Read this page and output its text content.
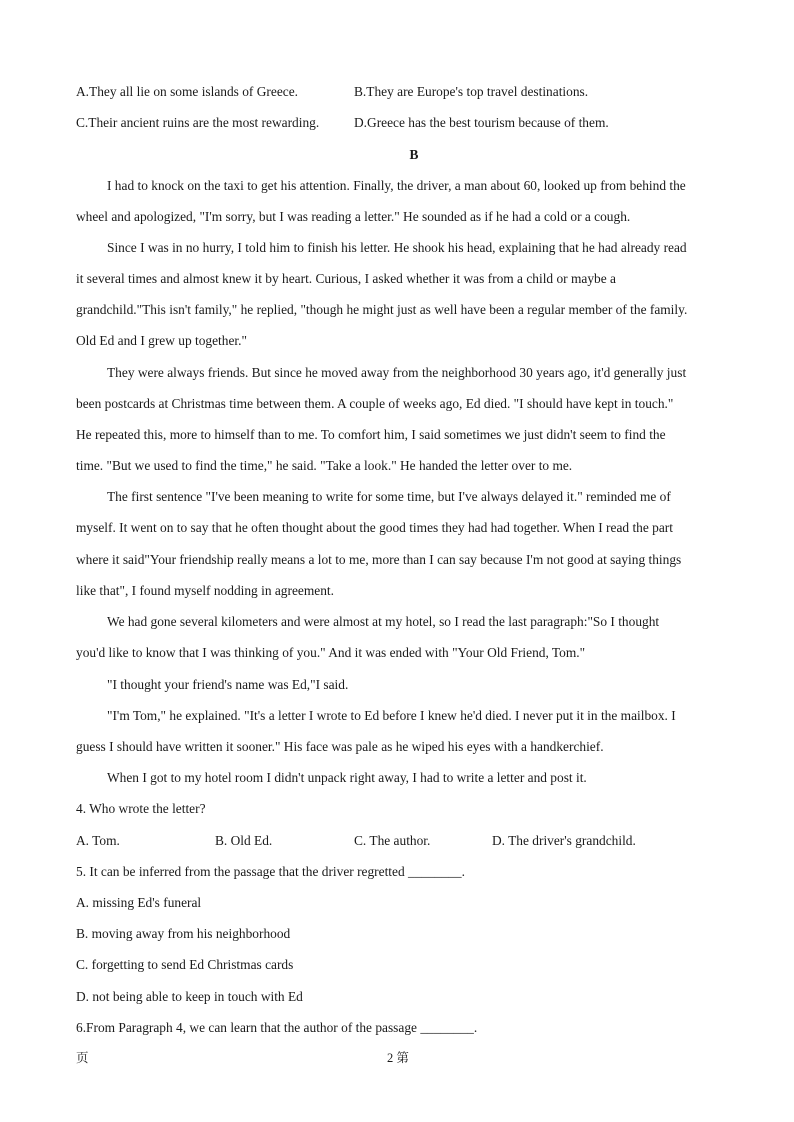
A.They all lie on some islands of Greece.	B.They are Europe's top travel destinations.
C.Their ancient ruins are the most rewarding.	D.Greece has the best tourism because of them.
B
I had to knock on the taxi to get his attention. Finally, the driver, a man about 60, looked up from behind the
wheel and apologized, "I'm sorry, but I was reading a letter." He sounded as if he had a cold or a cough.
Since I was in no hurry, I told him to finish his letter. He shook his head, explaining that he had already read
it several times and almost knew it by heart. Curious, I asked whether it was from a child or maybe a
grandchild."This isn't family," he replied, "though he might just as well have been a regular member of the family.
Old Ed and I grew up together."
They were always friends. But since he moved away from the neighborhood 30 years ago, it'd generally just
been postcards at Christmas time between them. A couple of weeks ago, Ed died. "I should have kept in touch."
He repeated this, more to himself than to me. To comfort him, I said sometimes we just didn't seem to find the
time. "But we used to find the time," he said. "Take a look." He handed the letter over to me.
The first sentence "I've been meaning to write for some time, but I've always delayed it." reminded me of
myself. It went on to say that he often thought about the good times they had had together. When I read the part
where it said"Your friendship really means a lot to me, more than I can say because I'm not good at saying things
like that", I found myself nodding in agreement.
We had gone several kilometers and were almost at my hotel, so I read the last paragraph:"So I thought
you'd like to know that I was thinking of you." And it was ended with "Your Old Friend, Tom."
"I thought your friend's name was Ed,"I said.
"I'm Tom," he explained. "It's a letter I wrote to Ed before I knew he'd died. I never put it in the mailbox. I
guess I should have written it sooner." His face was pale as he wiped his eyes with a handkerchief.
When I got to my hotel room I didn't unpack right away, I had to write a letter and post it.
4. Who wrote the letter?
A. Tom.	B. Old Ed.	C. The author.	D. The driver's grandchild.
5. It can be inferred from the passage that the driver regretted ________.
A. missing Ed's funeral
B. moving away from his neighborhood
C. forgetting to send Ed Christmas cards
D. not being able to keep in touch with Ed
6.From Paragraph 4, we can learn that the author of the passage ________.
页	2 第
